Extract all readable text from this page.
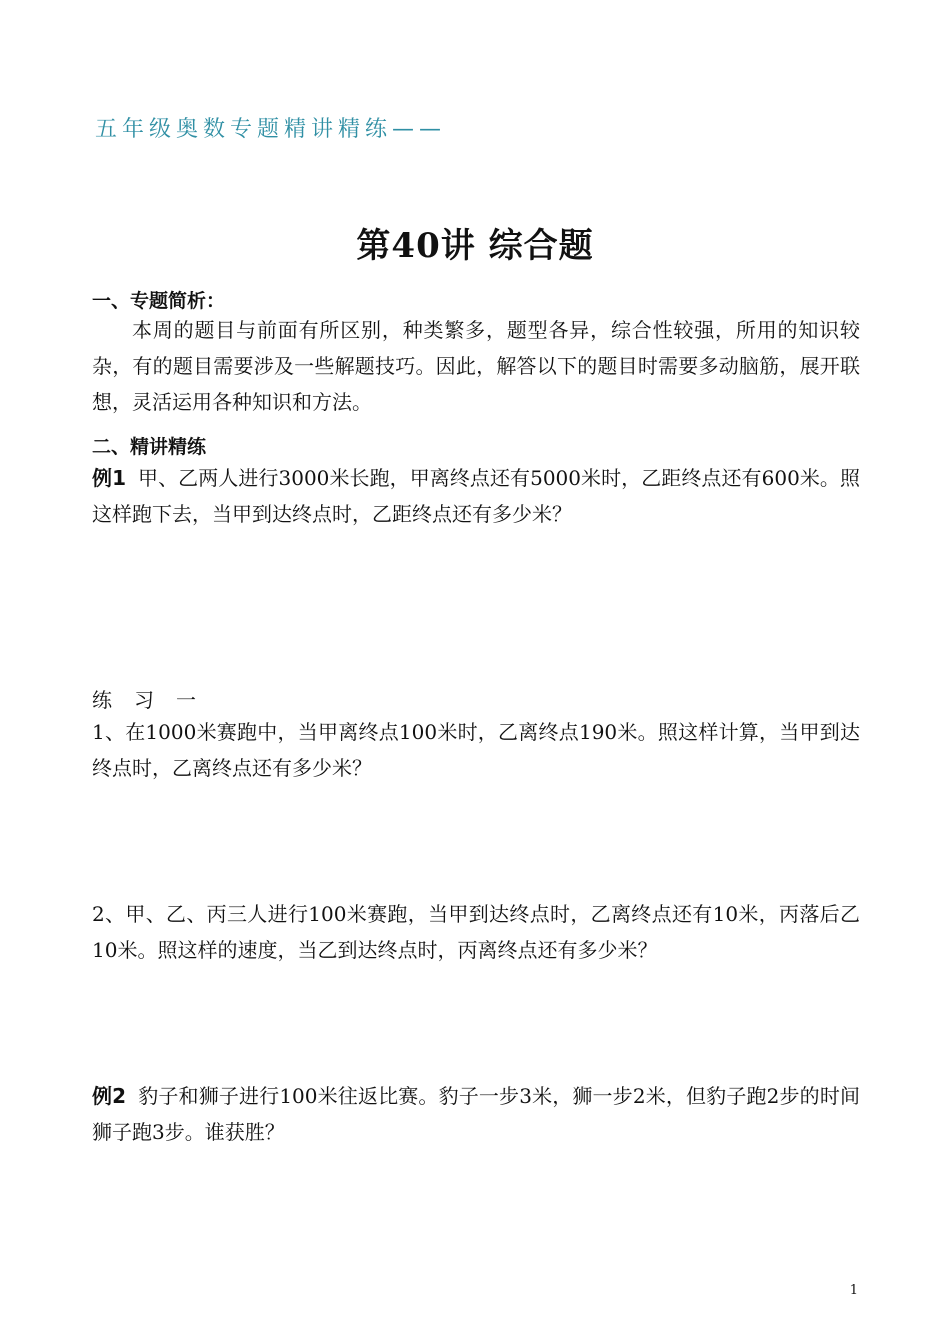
五年级奥数专题精讲精练——
第40讲 综合题
一、专题简析：
本周的题目与前面有所区别，种类繁多，题型各异，综合性较强，所用的知识较杂，有的题目需要涉及一些解题技巧。因此，解答以下的题目时需要多动脑筋，展开联想，灵活运用各种知识和方法。
二、精讲精练
例1 甲、乙两人进行3000米长跑，甲离终点还有5000米时，乙距终点还有600米。照这样跑下去，当甲到达终点时，乙距终点还有多少米？
练习一
1、在1000米赛跑中，当甲离终点100米时，乙离终点190米。照这样计算，当甲到达终点时，乙离终点还有多少米？
2、甲、乙、丙三人进行100米赛跑，当甲到达终点时，乙离终点还有10米，丙落后乙10米。照这样的速度，当乙到达终点时，丙离终点还有多少米？
例2 豹子和狮子进行100米往返比赛。豹子一步3米，狮一步2米，但豹子跑2步的时间狮子跑3步。谁获胜？
1
